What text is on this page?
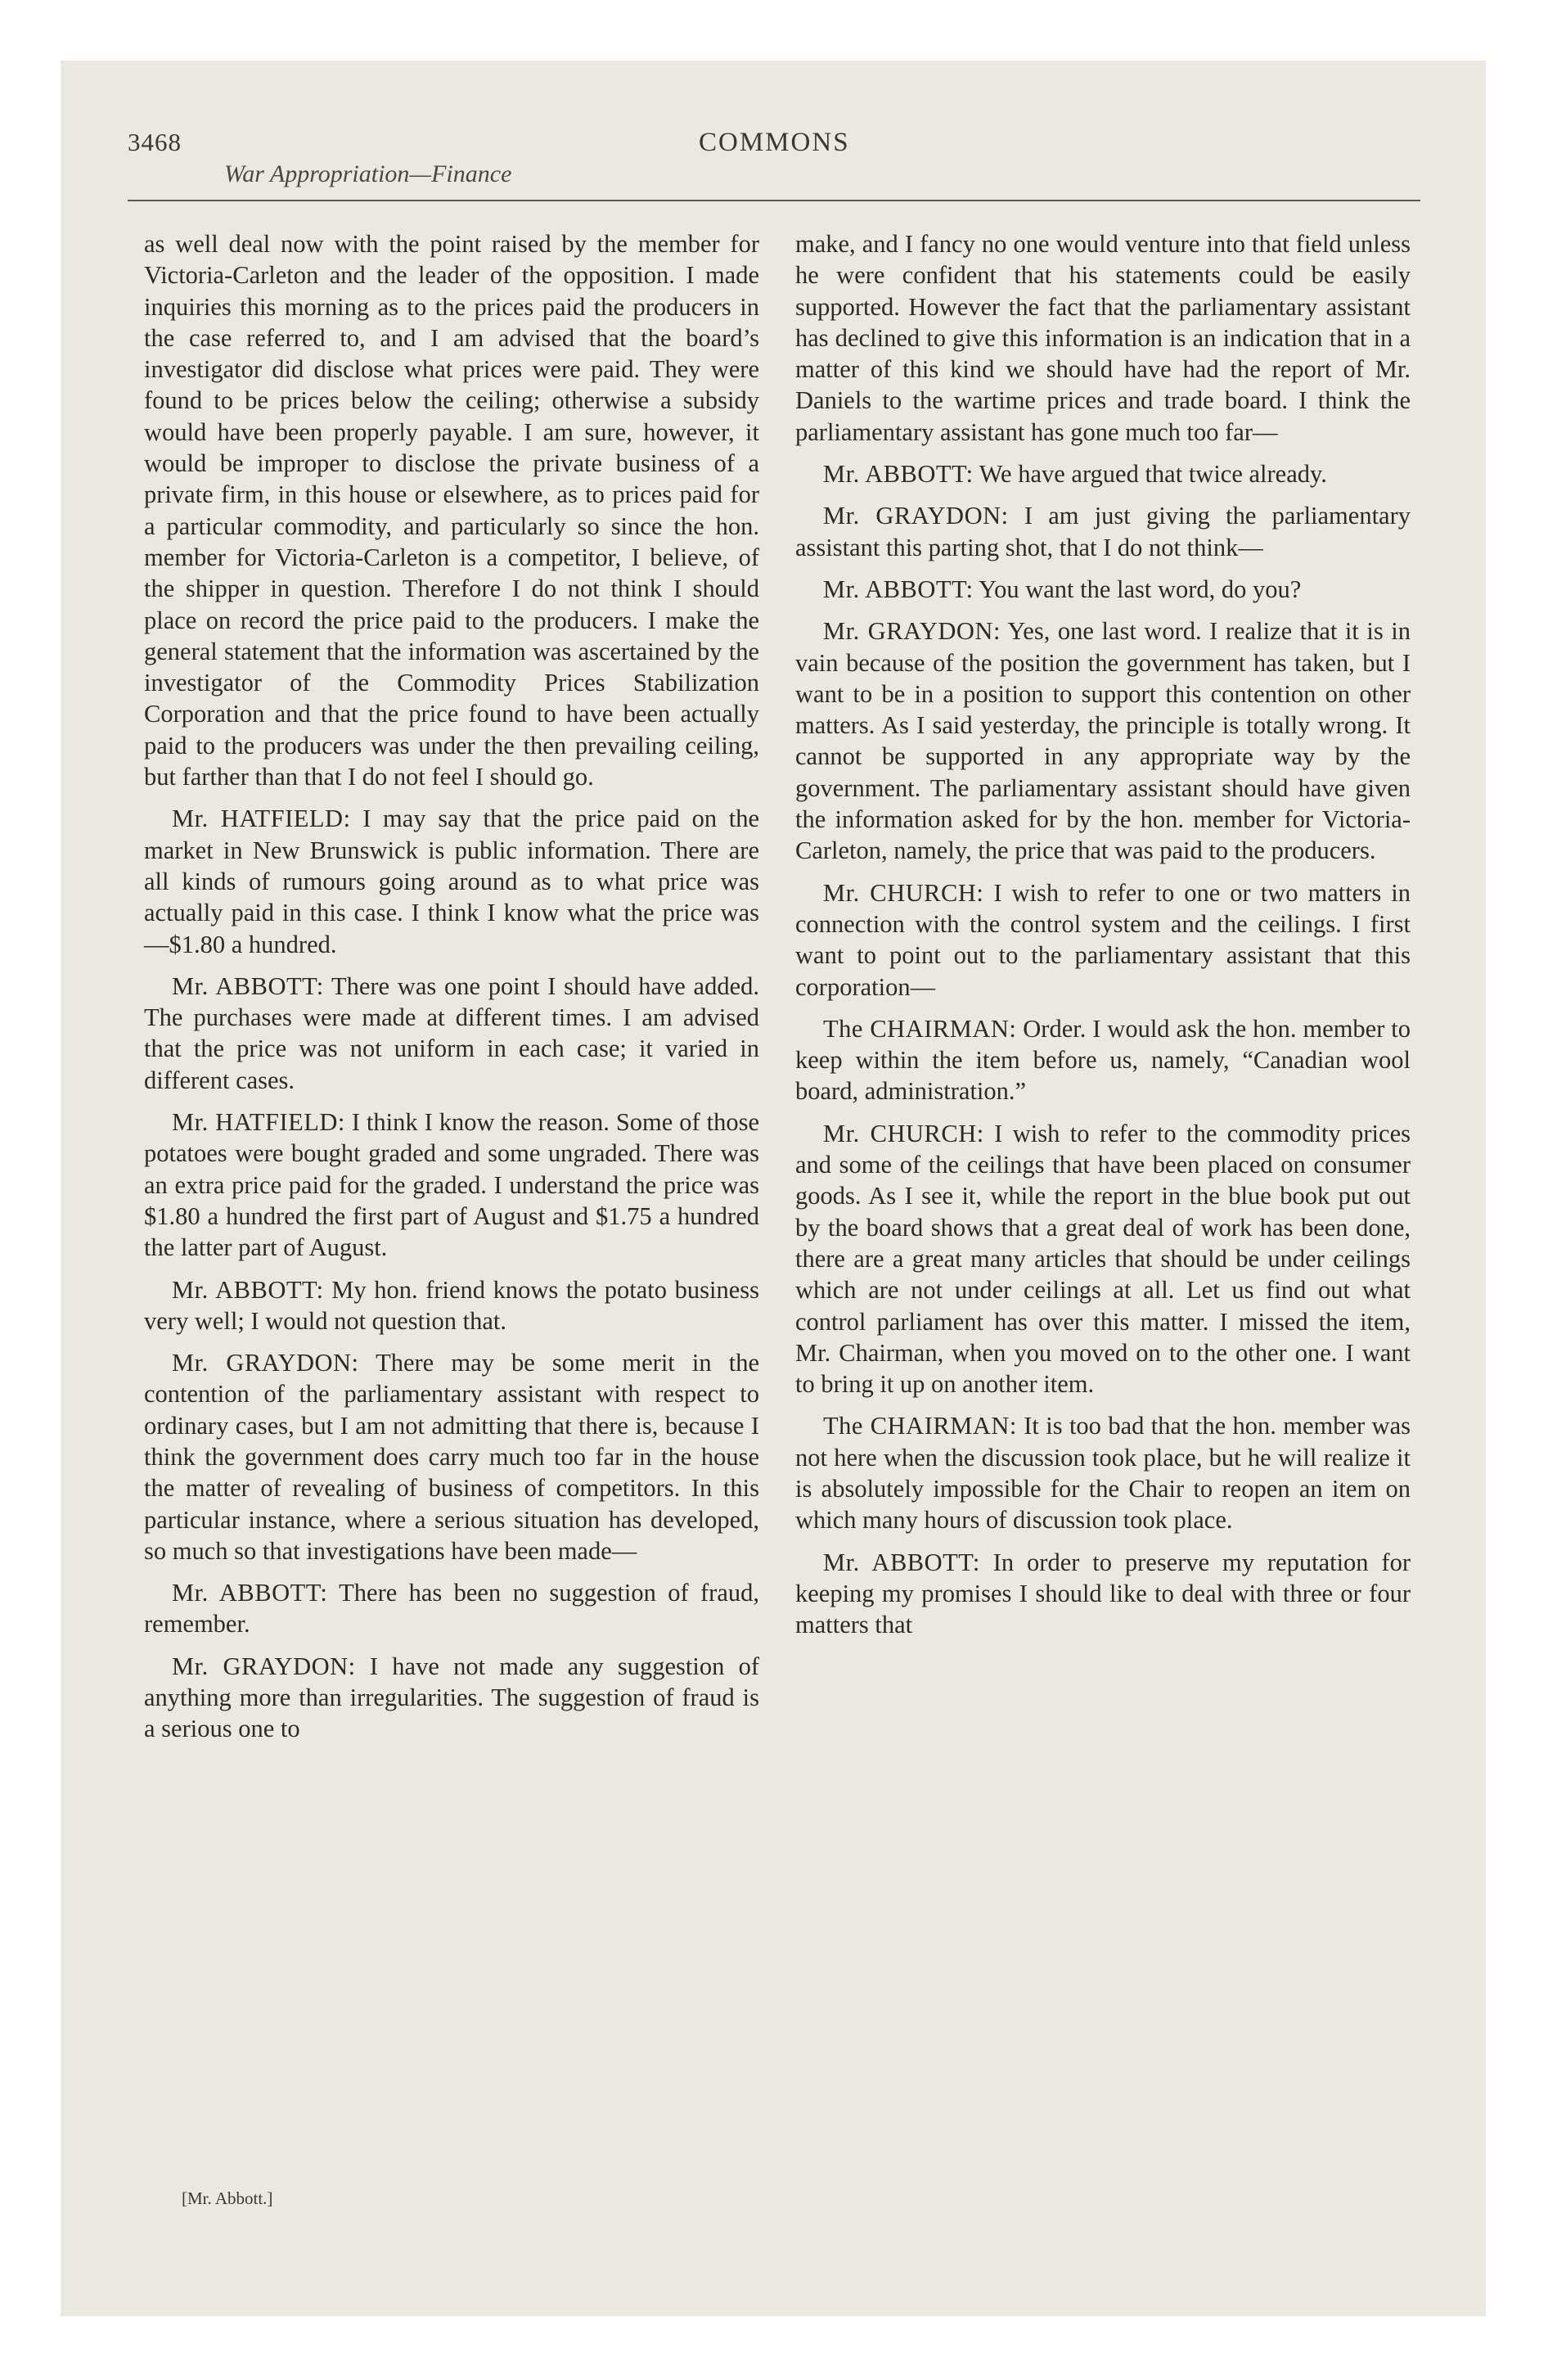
3468
War Appropriation—Finance
COMMONS

as well deal now with the point raised by the member for Victoria-Carleton and the leader of the opposition. I made inquiries this morning as to the prices paid the producers in the case referred to, and I am advised that the board’s investigator did disclose what prices were paid. They were found to be prices below the ceiling; otherwise a subsidy would have been properly payable. I am sure, however, it would be improper to disclose the private business of a private firm, in this house or elsewhere, as to prices paid for a particular commodity, and particularly so since the hon. member for Victoria-Carleton is a competitor, I believe, of the shipper in question. Therefore I do not think I should place on record the price paid to the producers. I make the general statement that the information was ascertained by the investigator of the Commodity Prices Stabilization Corporation and that the price found to have been actually paid to the producers was under the then prevailing ceiling, but farther than that I do not feel I should go.

Mr. HATFIELD: I may say that the price paid on the market in New Brunswick is public information. There are all kinds of rumours going around as to what price was actually paid in this case. I think I know what the price was—$1.80 a hundred.

Mr. ABBOTT: There was one point I should have added. The purchases were made at different times. I am advised that the price was not uniform in each case; it varied in different cases.

Mr. HATFIELD: I think I know the reason. Some of those potatoes were bought graded and some ungraded. There was an extra price paid for the graded. I understand the price was $1.80 a hundred the first part of August and $1.75 a hundred the latter part of August.

Mr. ABBOTT: My hon. friend knows the potato business very well; I would not question that.

Mr. GRAYDON: There may be some merit in the contention of the parliamentary assistant with respect to ordinary cases, but I am not admitting that there is, because I think the government does carry much too far in the house the matter of revealing of business of competitors. In this particular instance, where a serious situation has developed, so much so that investigations have been made—

Mr. ABBOTT: There has been no suggestion of fraud, remember.

Mr. GRAYDON: I have not made any suggestion of anything more than irregularities. The suggestion of fraud is a serious one to

make, and I fancy no one would venture into that field unless he were confident that his statements could be easily supported. However the fact that the parliamentary assistant has declined to give this information is an indication that in a matter of this kind we should have had the report of Mr. Daniels to the wartime prices and trade board. I think the parliamentary assistant has gone much too far—

Mr. ABBOTT: We have argued that twice already.

Mr. GRAYDON: I am just giving the parliamentary assistant this parting shot, that I do not think—

Mr. ABBOTT: You want the last word, do you?

Mr. GRAYDON: Yes, one last word. I realize that it is in vain because of the position the government has taken, but I want to be in a position to support this contention on other matters. As I said yesterday, the principle is totally wrong. It cannot be supported in any appropriate way by the government. The parliamentary assistant should have given the information asked for by the hon. member for Victoria-Carleton, namely, the price that was paid to the producers.

Mr. CHURCH: I wish to refer to one or two matters in connection with the control system and the ceilings. I first want to point out to the parliamentary assistant that this corporation—

The CHAIRMAN: Order. I would ask the hon. member to keep within the item before us, namely, “Canadian wool board, administration.”

Mr. CHURCH: I wish to refer to the commodity prices and some of the ceilings that have been placed on consumer goods. As I see it, while the report in the blue book put out by the board shows that a great deal of work has been done, there are a great many articles that should be under ceilings which are not under ceilings at all. Let us find out what control parliament has over this matter. I missed the item, Mr. Chairman, when you moved on to the other one. I want to bring it up on another item.

The CHAIRMAN: It is too bad that the hon. member was not here when the discussion took place, but he will realize it is absolutely impossible for the Chair to reopen an item on which many hours of discussion took place.

Mr. ABBOTT: In order to preserve my reputation for keeping my promises I should like to deal with three or four matters that

[Mr. Abbott.]
